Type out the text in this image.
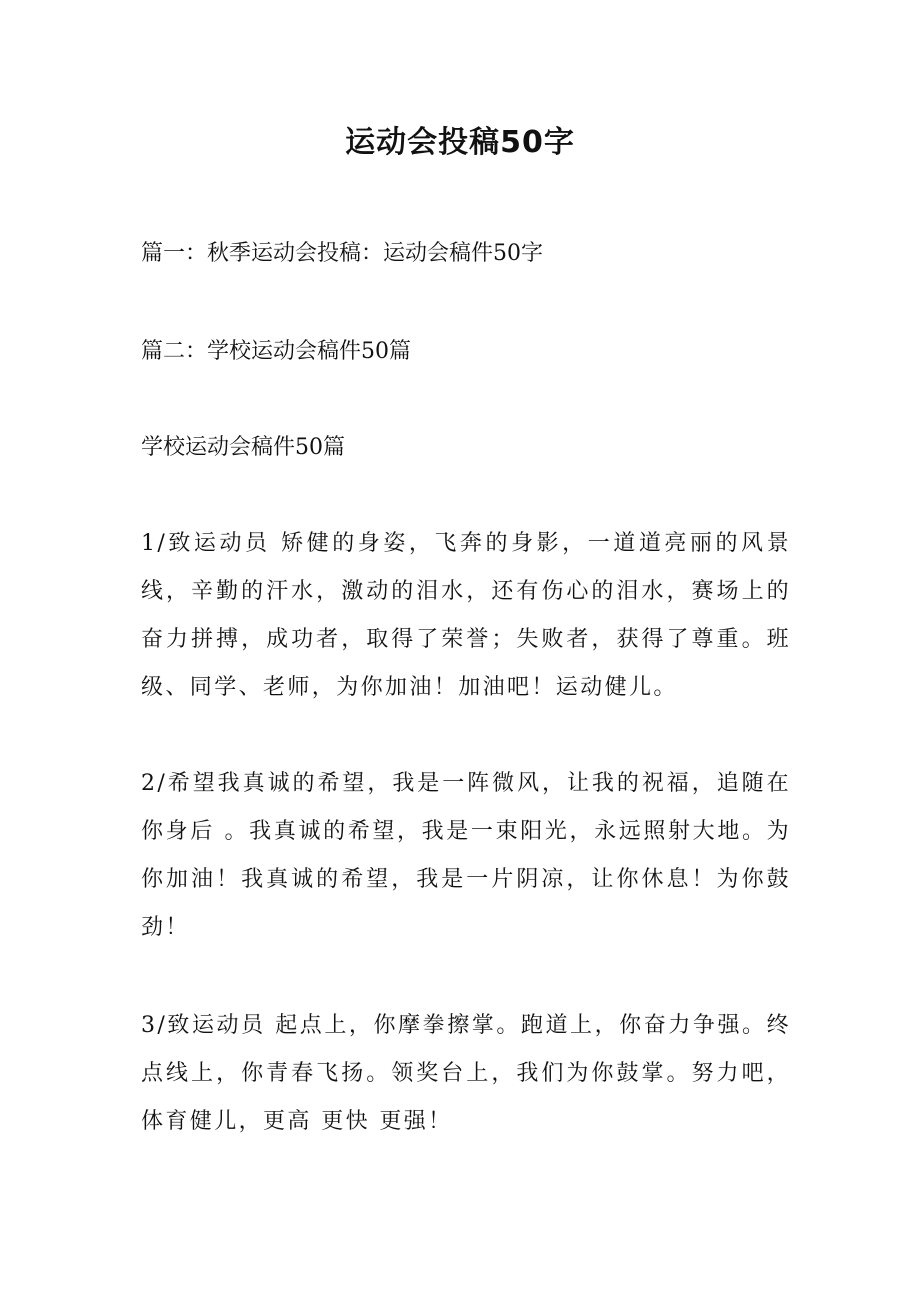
运动会投稿50字

篇一：秋季运动会投稿：运动会稿件50字

篇二：学校运动会稿件50篇

学校运动会稿件50篇

1/致运动员 矫健的身姿，飞奔的身影，一道道亮丽的风景线，辛勤的汗水，激动的泪水，还有伤心的泪水，赛场上的奋力拼搏，成功者，取得了荣誉；失败者，获得了尊重。班级、同学、老师，为你加油！加油吧！运动健儿。

2/希望我真诚的希望，我是一阵微风，让我的祝福，追随在你身后 。我真诚的希望，我是一束阳光，永远照射大地。为你加油！我真诚的希望，我是一片阴凉，让你休息！为你鼓劲！

3/致运动员 起点上，你摩拳擦掌。跑道上，你奋力争强。终点线上，你青春飞扬。领奖台上，我们为你鼓掌。努力吧，体育健儿，更高 更快 更强！
